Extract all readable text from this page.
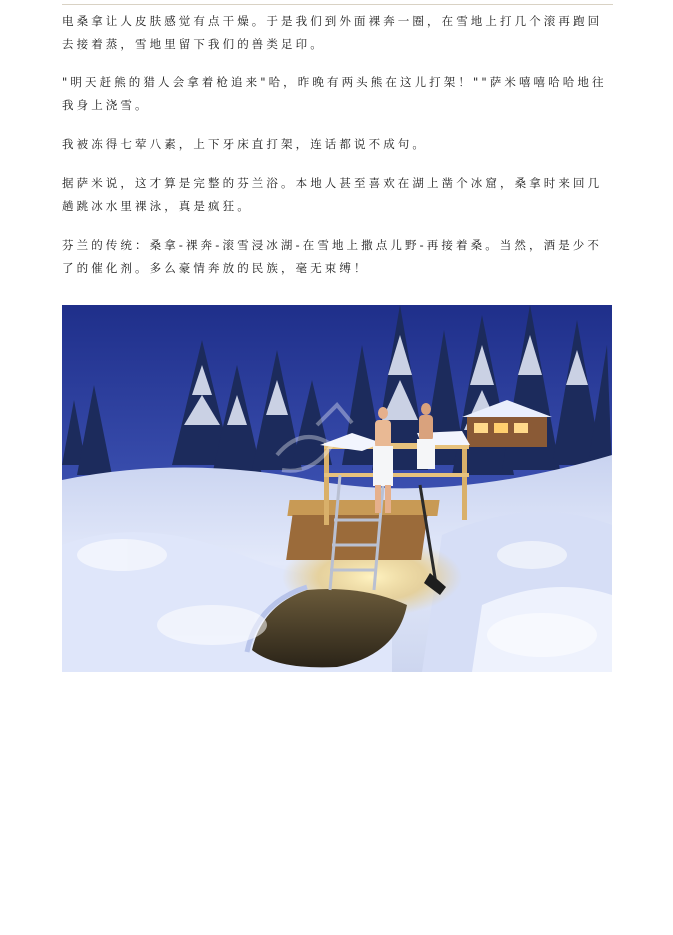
电桑拿让人皮肤感觉有点干燥。于是我们到外面裸奔一圈，在雪地上打几个滚再跑回去接着蒸，雪地里留下我们的兽类足印。

"明天赶熊的猎人会拿着枪追来"哈，昨晚有两头熊在这儿打架！""萨米嘻嘻哈哈地往我身上浇雪。

我被冻得七荤八素，上下牙床直打架，连话都说不成句。

据萨米说，这才算是完整的芬兰浴。本地人甚至喜欢在湖上凿个冰窟，桑拿时来回几趟跳冰水里裸泳，真是疯狂。

芬兰的传统：桑拿-裸奔-滚雪浸冰湖-在雪地上撒点儿野-再接着桑。当然，酒是少不了的催化剂。多么豪情奔放的民族，毫无束缚！
